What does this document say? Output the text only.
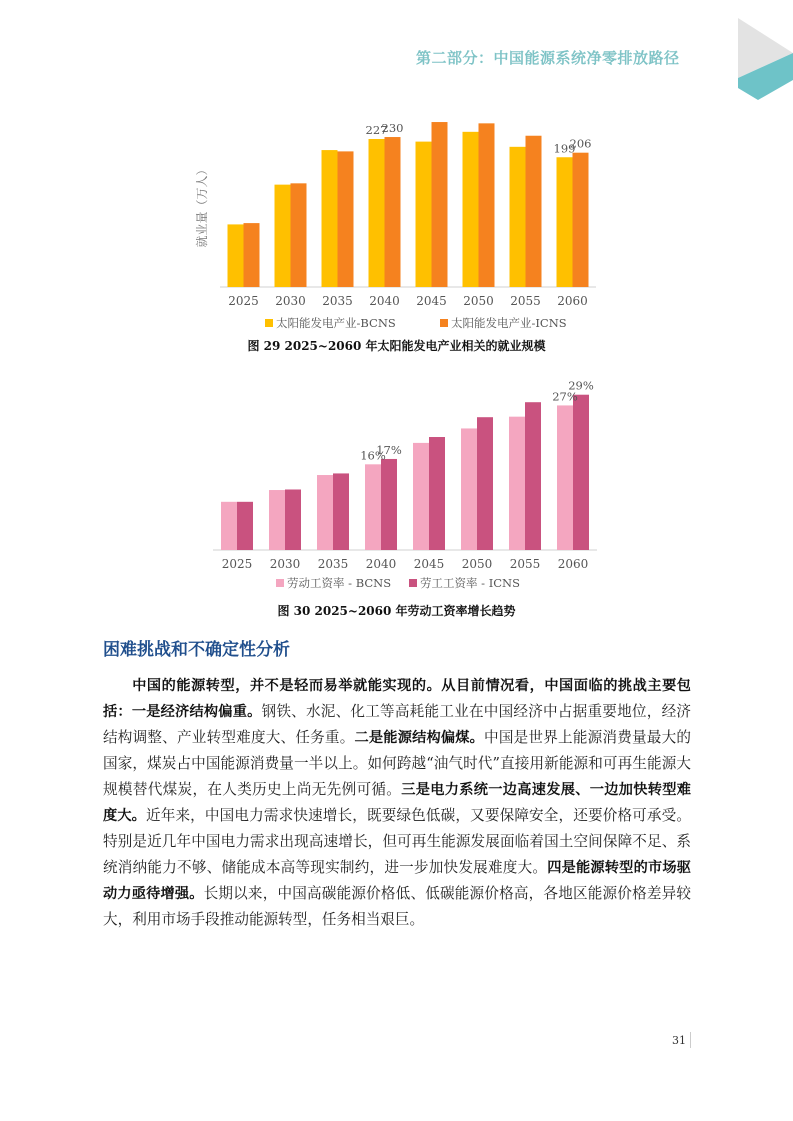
第二部分：中国能源系统净零排放路径
2025 2030 2035 2040 2045 2050 2055 2060
227
230
199
206
太阳能发电产业-BCNS	太阳能发电产业-ICNS
就业量（万人）
图 29 2025~2060 年太阳能发电产业相关的就业规模
2025 2030 2035 2040 2045 2050 2055 2060
16%
17%
27%
29%
劳动工资率 - BCNS	劳工工资率 - ICNS
图 30 2025~2060 年劳动工资率增长趋势
困难挑战和不确定性分析

中国的能源转型，并不是轻而易举就能实现的。从目前情况看，中国面临的挑战主要包括：一是经济结构偏重。钢铁、水泥、化工等高耗能工业在中国经济中占据重要地位，经济结构调整、产业转型难度大、任务重。二是能源结构偏煤。中国是世界上能源消费量最大的国家，煤炭占中国能源消费量一半以上。如何跨越“油气时代”直接用新能源和可再生能源大规模替代煤炭，在人类历史上尚无先例可循。三是电力系统一边高速发展、一边加快转型难度大。近年来，中国电力需求快速增长，既要绿色低碳，又要保障安全，还要价格可承受。特别是近几年中国电力需求出现高速增长，但可再生能源发展面临着国土空间保障不足、系统消纳能力不够、储能成本高等现实制约，进一步加快发展难度大。四是能源转型的市场驱动力亟待增强。长期以来，中国高碳能源价格低、低碳能源价格高，各地区能源价格差异较大，利用市场手段推动能源转型，任务相当艰巨。

31
